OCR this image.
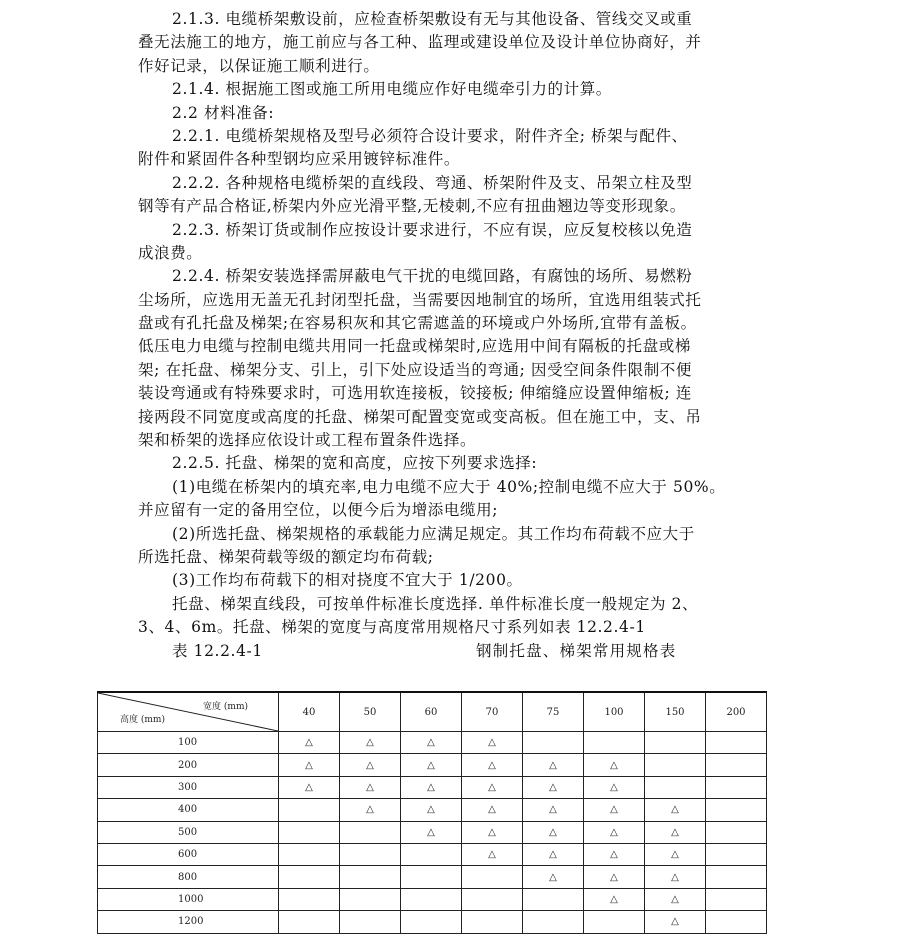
2.1.3. 电缆桥架敷设前，应检查桥架敷设有无与其他设备、管线交叉或重
叠无法施工的地方，施工前应与各工种、监理或建设单位及设计单位协商好，并
作好记录，以保证施工顺利进行。
2.1.4. 根据施工图或施工所用电缆应作好电缆牵引力的计算。
2.2 材料准备:
2.2.1. 电缆桥架规格及型号必须符合设计要求，附件齐全; 桥架与配件、
附件和紧固件各种型钢均应采用镀锌标准件。
2.2.2. 各种规格电缆桥架的直线段、弯通、桥架附件及支、吊架立柱及型
钢等有产品合格证,桥架内外应光滑平整,无棱刺,不应有扭曲翘边等变形现象。
2.2.3. 桥架订货或制作应按设计要求进行，不应有误，应反复校核以免造
成浪费。
2.2.4. 桥架安装选择需屏蔽电气干扰的电缆回路，有腐蚀的场所、易燃粉
尘场所，应选用无盖无孔封闭型托盘，当需要因地制宜的场所，宜选用组装式托
盘或有孔托盘及梯架;在容易积灰和其它需遮盖的环境或户外场所,宜带有盖板。
低压电力电缆与控制电缆共用同一托盘或梯架时,应选用中间有隔板的托盘或梯
架; 在托盘、梯架分支、引上，引下处应设适当的弯通; 因受空间条件限制不便
装设弯通或有特殊要求时，可选用软连接板，铰接板; 伸缩缝应设置伸缩板; 连
接两段不同宽度或高度的托盘、梯架可配置变宽或变高板。但在施工中，支、吊
架和桥架的选择应依设计或工程布置条件选择。
2.2.5. 托盘、梯架的宽和高度，应按下列要求选择:
(1)电缆在桥架内的填充率,电力电缆不应大于 40%;控制电缆不应大于 50%。
并应留有一定的备用空位，以便今后为增添电缆用;
(2)所选托盘、梯架规格的承载能力应满足规定。其工作均布荷载不应大于
所选托盘、梯架荷载等级的额定均布荷载;
(3)工作均布荷载下的相对挠度不宜大于 1/200。
托盘、梯架直线段，可按单件标准长度选择. 单件标准长度一般规定为 2、
3、4、6m。托盘、梯架的宽度与高度常用规格尺寸系列如表 12.2.4-1
表 12.2.4-1	钢制托盘、梯架常用规格表
宽度 (mm)
高度 (mm)	40	50	60	70	75	100	150	200
100	△	△	△	△				
200	△	△	△	△	△	△		
300	△	△	△	△	△	△		
400		△	△	△	△	△	△	
500			△	△	△	△	△	
600				△	△	△	△	
800					△	△	△	
1000						△	△	
1200							△	
